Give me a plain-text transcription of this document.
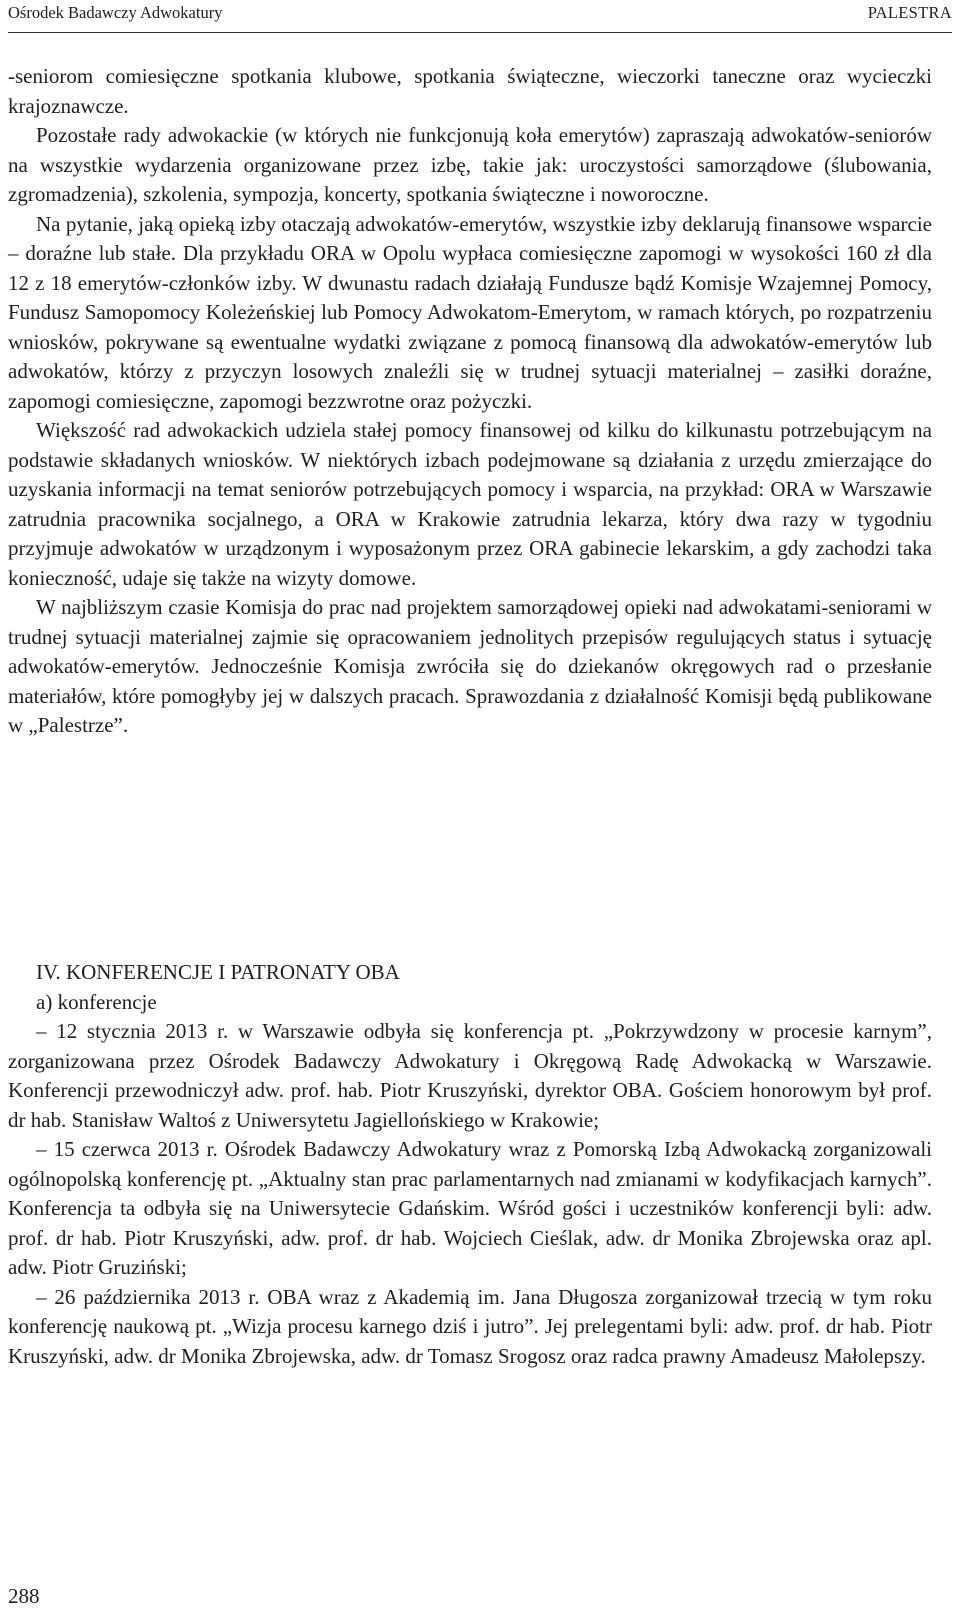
Ośrodek Badawczy Adwokatury	PALESTRA

-seniorom comiesięczne spotkania klubowe, spotkania świąteczne, wieczorki taneczne oraz wycieczki krajoznawcze.

Pozostałe rady adwokackie (w których nie funkcjonują koła emerytów) zapraszają adwokatów-seniorów na wszystkie wydarzenia organizowane przez izbę, takie jak: uroczystości samorządowe (ślubowania, zgromadzenia), szkolenia, sympozja, koncerty, spotkania świąteczne i noworoczne.

Na pytanie, jaką opieką izby otaczają adwokatów-emerytów, wszystkie izby deklarują finansowe wsparcie – doraźne lub stałe. Dla przykładu ORA w Opolu wypłaca comiesięczne zapomogi w wysokości 160 zł dla 12 z 18 emerytów-członków izby. W dwunastu radach działają Fundusze bądź Komisje Wzajemnej Pomocy, Fundusz Samopomocy Koleżeńskiej lub Pomocy Adwokatom-Emerytom, w ramach których, po rozpatrzeniu wniosków, pokrywane są ewentualne wydatki związane z pomocą finansową dla adwokatów-emerytów lub adwokatów, którzy z przyczyn losowych znaleźli się w trudnej sytuacji materialnej – zasiłki doraźne, zapomogi comiesięczne, zapomogi bezzwrotne oraz pożyczki.

Większość rad adwokackich udziela stałej pomocy finansowej od kilku do kilkunastu potrzebującym na podstawie składanych wniosków. W niektórych izbach podejmowane są działania z urzędu zmierzające do uzyskania informacji na temat seniorów potrzebujących pomocy i wsparcia, na przykład: ORA w Warszawie zatrudnia pracownika socjalnego, a ORA w Krakowie zatrudnia lekarza, który dwa razy w tygodniu przyjmuje adwokatów w urządzonym i wyposażonym przez ORA gabinecie lekarskim, a gdy zachodzi taka konieczność, udaje się także na wizyty domowe.

W najbliższym czasie Komisja do prac nad projektem samorządowej opieki nad adwokatami-seniorami w trudnej sytuacji materialnej zajmie się opracowaniem jednolitych przepisów regulujących status i sytuację adwokatów-emerytów. Jednocześnie Komisja zwróciła się do dziekanów okręgowych rad o przesłanie materiałów, które pomogłyby jej w dalszych pracach. Sprawozdania z działalność Komisji będą publikowane w „Palestrze”.

IV. KONFERENCJE I PATRONATY OBA

a) konferencje

– 12 stycznia 2013 r. w Warszawie odbyła się konferencja pt. „Pokrzywdzony w procesie karnym”, zorganizowana przez Ośrodek Badawczy Adwokatury i Okręgową Radę Adwokacką w Warszawie. Konferencji przewodniczył adw. prof. hab. Piotr Kruszyński, dyrektor OBA. Gościem honorowym był prof. dr hab. Stanisław Waltoś z Uniwersytetu Jagiellońskiego w Krakowie;

– 15 czerwca 2013 r. Ośrodek Badawczy Adwokatury wraz z Pomorską Izbą Adwokacką zorganizowali ogólnopolską konferencję pt. „Aktualny stan prac parlamentarnych nad zmianami w kodyfikacjach karnych”. Konferencja ta odbyła się na Uniwersytecie Gdańskim. Wśród gości i uczestników konferencji byli: adw. prof. dr hab. Piotr Kruszyński, adw. prof. dr hab. Wojciech Cieślak, adw. dr Monika Zbrojewska oraz apl. adw. Piotr Gruziński;

– 26 października 2013 r. OBA wraz z Akademią im. Jana Długosza zorganizował trzecią w tym roku konferencję naukową pt. „Wizja procesu karnego dziś i jutro”. Jej prelegentami byli: adw. prof. dr hab. Piotr Kruszyński, adw. dr Monika Zbrojewska, adw. dr Tomasz Srogosz oraz radca prawny Amadeusz Małolepszy.

288
